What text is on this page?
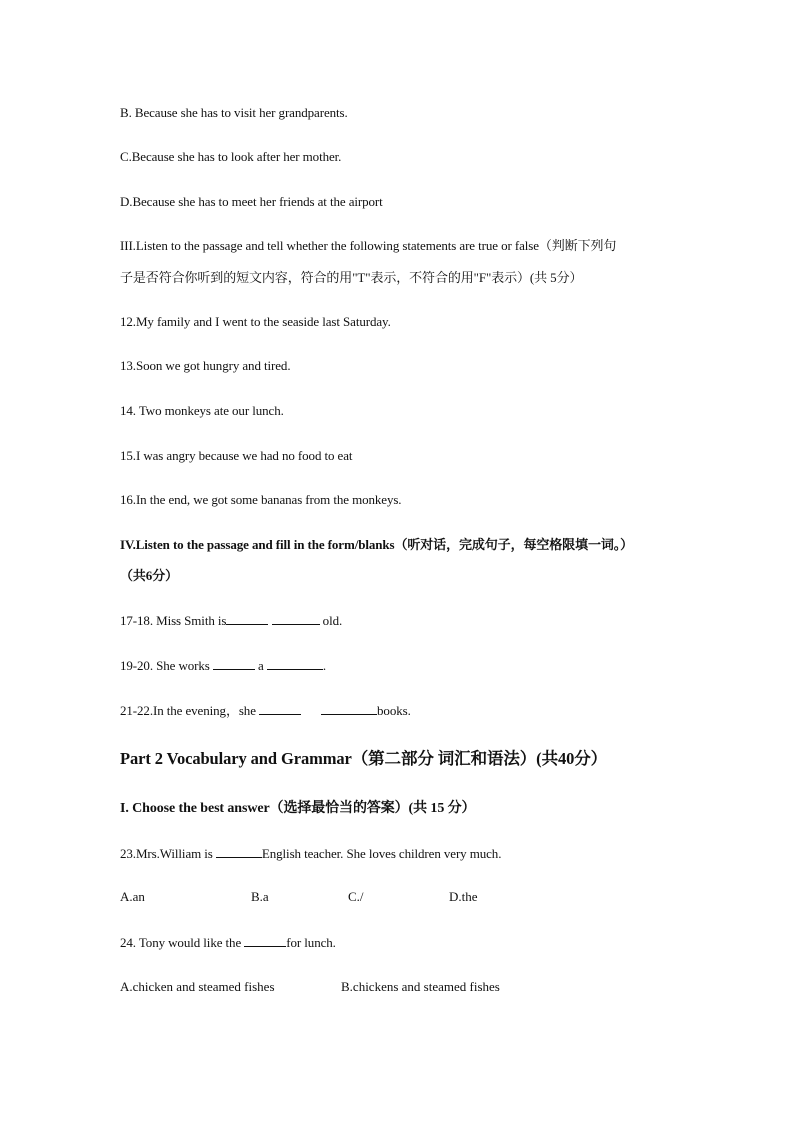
B. Because she has to visit her grandparents.
C.Because she has to look after her mother.
D.Because she has to meet her friends at the airport
III.Listen to the passage and tell whether the following statements are true or false（判断下列句
子是否符合你听到的短文内容，符合的用"T"表示，不符合的用"F"表示）(共 5分）
12.My family and I went to the seaside last Saturday.
13.Soon we got hungry and tired.
14. Two monkeys ate our lunch.
15.I was angry because we had no food to eat
16.In the end, we got some bananas from the monkeys.
IV.Listen to the passage and fill in the form/blanks（听对话，完成句子，每空格限填一词。）
（共6分）
17-18. Miss Smith is	old.
19-20. She works	a	.
21-22.In the evening，she	books.
Part 2 Vocabulary and Grammar（第二部分 词汇和语法）(共40分）
I. Choose the best answer（选择最恰当的答案）(共 15 分）
23.Mrs.William is	English teacher. She loves children very much.
A.an	B.a	C./	D.the
24. Tony would like the	for lunch.
A.chicken and steamed fishes	B.chickens and steamed fishes
